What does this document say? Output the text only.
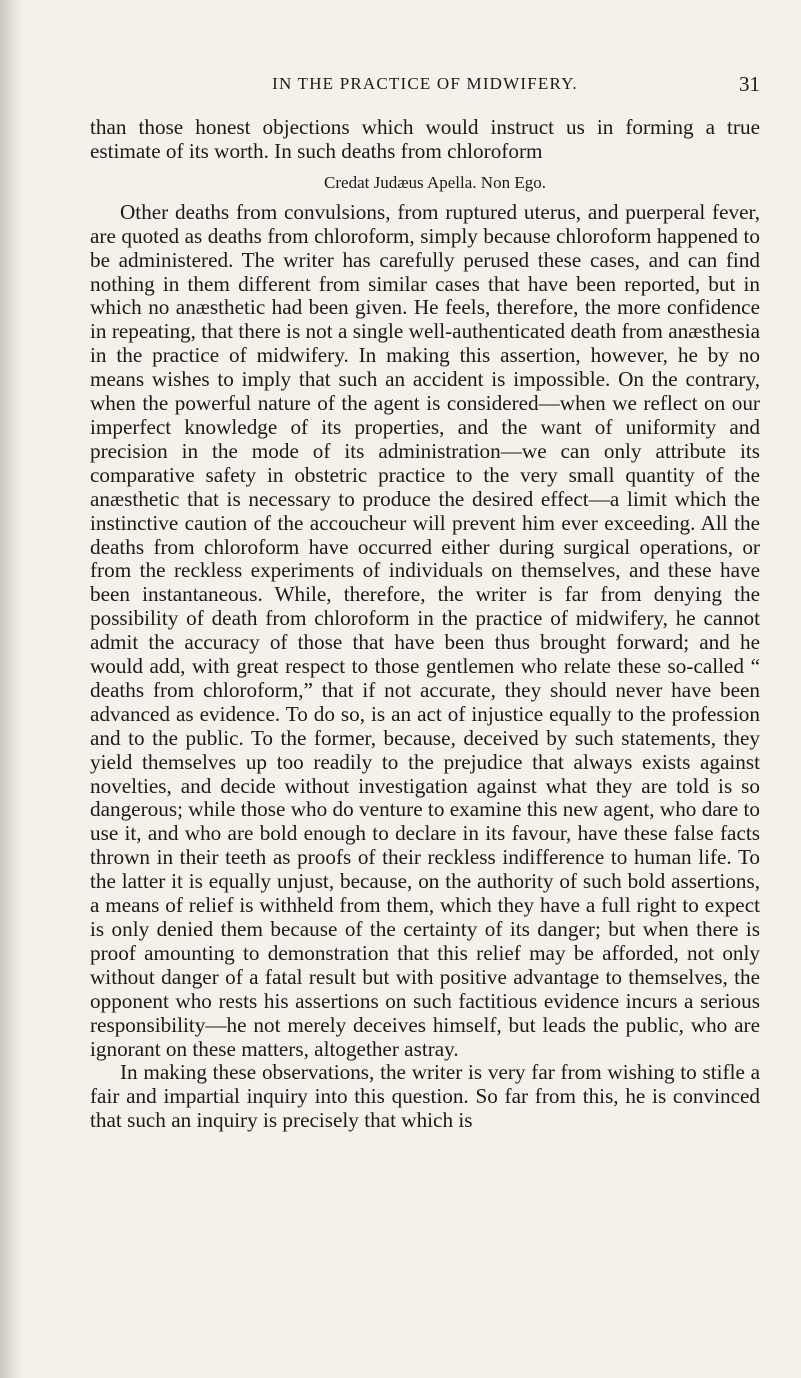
IN THE PRACTICE OF MIDWIFERY.	31

than those honest objections which would instruct us in forming a true estimate of its worth. In such deaths from chloroform

Credat Judæus Apella. Non Ego.

Other deaths from convulsions, from ruptured uterus, and puerperal fever, are quoted as deaths from chloroform, simply because chloroform happened to be administered. The writer has carefully perused these cases, and can find nothing in them different from similar cases that have been reported, but in which no anæsthetic had been given. He feels, therefore, the more confidence in repeating, that there is not a single well-authenticated death from anæsthesia in the practice of midwifery. In making this assertion, however, he by no means wishes to imply that such an accident is impossible. On the contrary, when the powerful nature of the agent is considered—when we reflect on our imperfect knowledge of its properties, and the want of uniformity and precision in the mode of its administration—we can only attribute its comparative safety in obstetric practice to the very small quantity of the anæsthetic that is necessary to produce the desired effect—a limit which the instinctive caution of the accoucheur will prevent him ever exceeding. All the deaths from chloroform have occurred either during surgical operations, or from the reckless experiments of individuals on themselves, and these have been instantaneous. While, therefore, the writer is far from denying the possibility of death from chloroform in the practice of midwifery, he cannot admit the accuracy of those that have been thus brought forward; and he would add, with great respect to those gentlemen who relate these so-called “ deaths from chloroform,” that if not accurate, they should never have been advanced as evidence. To do so, is an act of injustice equally to the profession and to the public. To the former, because, deceived by such statements, they yield themselves up too readily to the prejudice that always exists against novelties, and decide without investigation against what they are told is so dangerous; while those who do venture to examine this new agent, who dare to use it, and who are bold enough to declare in its favour, have these false facts thrown in their teeth as proofs of their reckless indifference to human life. To the latter it is equally unjust, because, on the authority of such bold assertions, a means of relief is withheld from them, which they have a full right to expect is only denied them because of the certainty of its danger; but when there is proof amounting to demonstration that this relief may be afforded, not only without danger of a fatal result but with positive advantage to themselves, the opponent who rests his assertions on such factitious evidence incurs a serious responsibility—he not merely deceives himself, but leads the public, who are ignorant on these matters, altogether astray.

In making these observations, the writer is very far from wishing to stifle a fair and impartial inquiry into this question. So far from this, he is convinced that such an inquiry is precisely that which is
